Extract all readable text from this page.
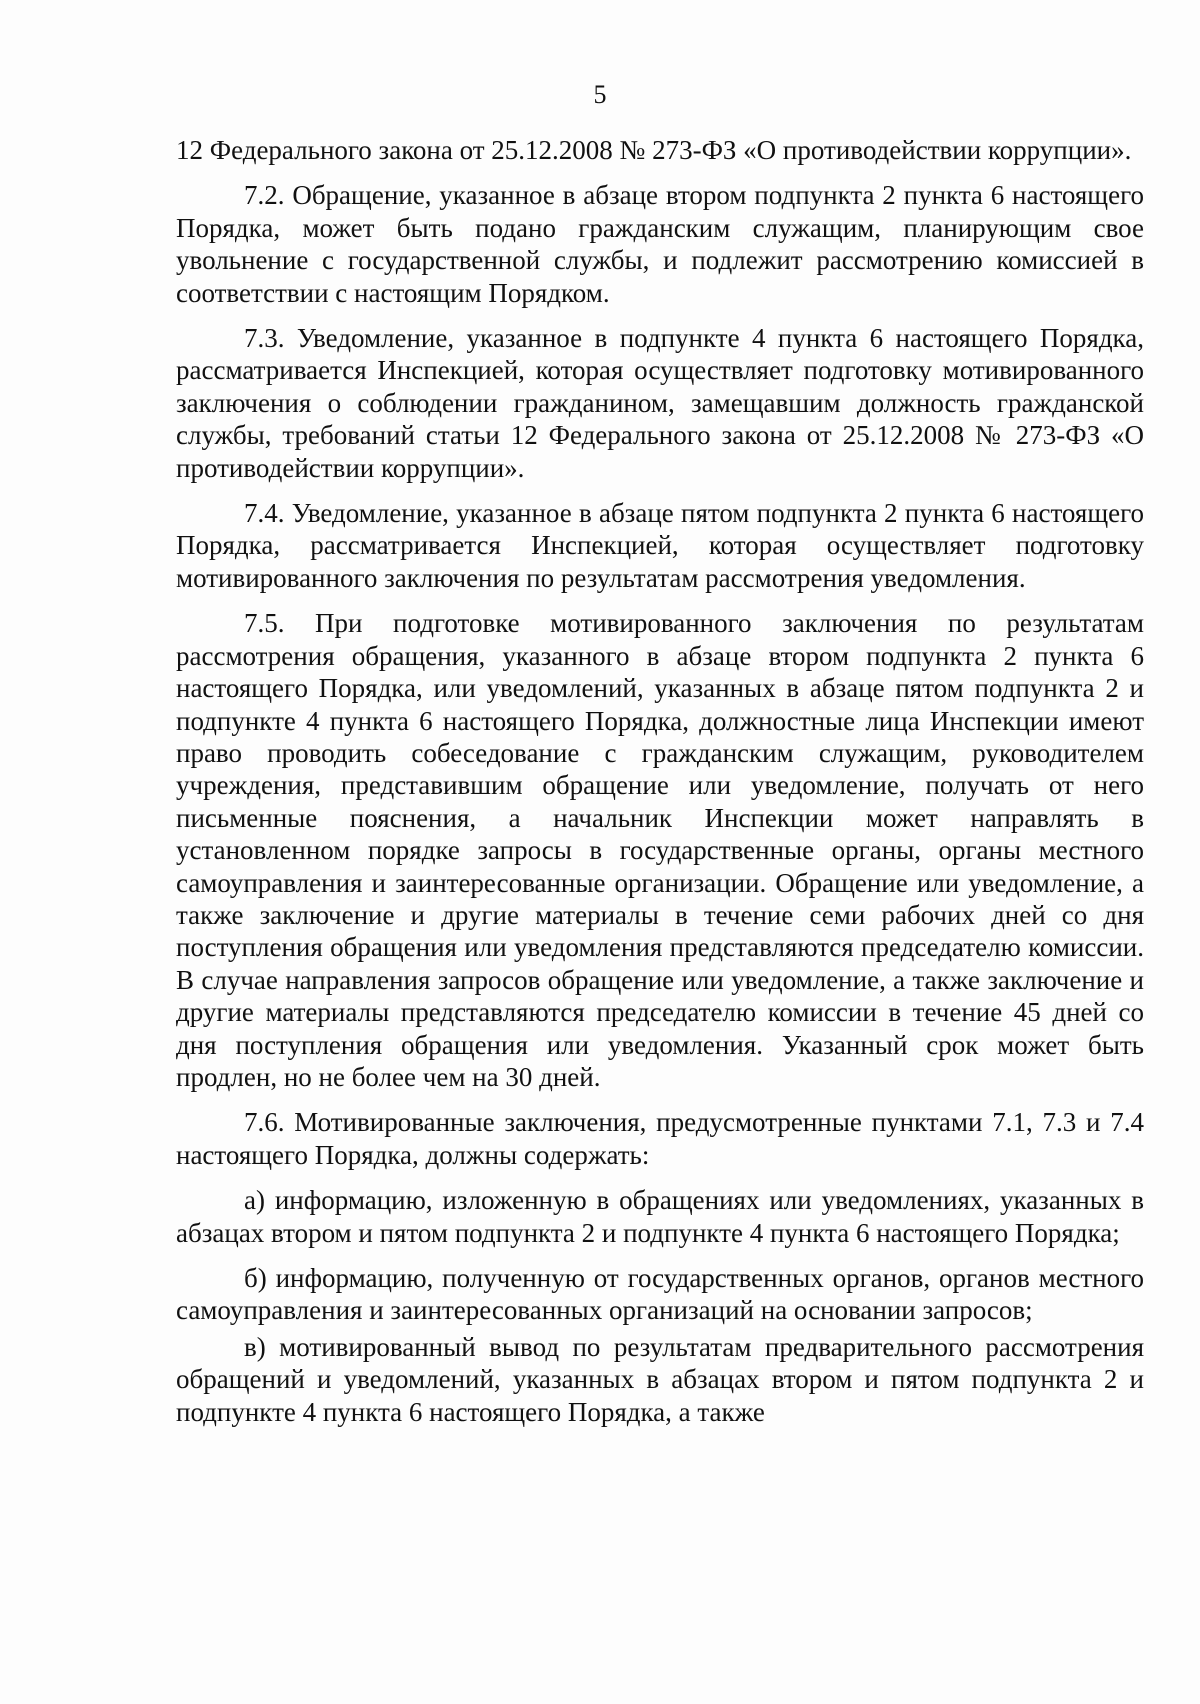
5

12 Федерального закона от 25.12.2008 № 273-ФЗ «О противодействии коррупции».

7.2. Обращение, указанное в абзаце втором подпункта 2 пункта 6 настоящего Порядка, может быть подано гражданским служащим, планирующим свое увольнение с государственной службы, и подлежит рассмотрению комиссией в соответствии с настоящим Порядком.

7.3. Уведомление, указанное в подпункте 4 пункта 6 настоящего Порядка, рассматривается Инспекцией, которая осуществляет подготовку мотивированного заключения о соблюдении гражданином, замещавшим должность гражданской службы, требований статьи 12 Федерального закона от 25.12.2008 № 273-ФЗ «О противодействии коррупции».

7.4. Уведомление, указанное в абзаце пятом подпункта 2 пункта 6 настоящего Порядка, рассматривается Инспекцией, которая осуществляет подготовку мотивированного заключения по результатам рассмотрения уведомления.

7.5. При подготовке мотивированного заключения по результатам рассмотрения обращения, указанного в абзаце втором подпункта 2 пункта 6 настоящего Порядка, или уведомлений, указанных в абзаце пятом подпункта 2 и подпункте 4 пункта 6 настоящего Порядка, должностные лица Инспекции имеют право проводить собеседование с гражданским служащим, руководителем учреждения, представившим обращение или уведомление, получать от него письменные пояснения, а начальник Инспекции может направлять в установленном порядке запросы в государственные органы, органы местного самоуправления и заинтересованные организации. Обращение или уведомление, а также заключение и другие материалы в течение семи рабочих дней со дня поступления обращения или уведомления представляются председателю комиссии. В случае направления запросов обращение или уведомление, а также заключение и другие материалы представляются председателю комиссии в течение 45 дней со дня поступления обращения или уведомления. Указанный срок может быть продлен, но не более чем на 30 дней.

7.6. Мотивированные заключения, предусмотренные пунктами 7.1, 7.3 и 7.4 настоящего Порядка, должны содержать:

а) информацию, изложенную в обращениях или уведомлениях, указанных в абзацах втором и пятом подпункта 2 и подпункте 4 пункта 6 настоящего Порядка;

б) информацию, полученную от государственных органов, органов местного самоуправления и заинтересованных организаций на основании запросов;

в) мотивированный вывод по результатам предварительного рассмотрения обращений и уведомлений, указанных в абзацах втором и пятом подпункта 2 и подпункте 4 пункта 6 настоящего Порядка, а также
